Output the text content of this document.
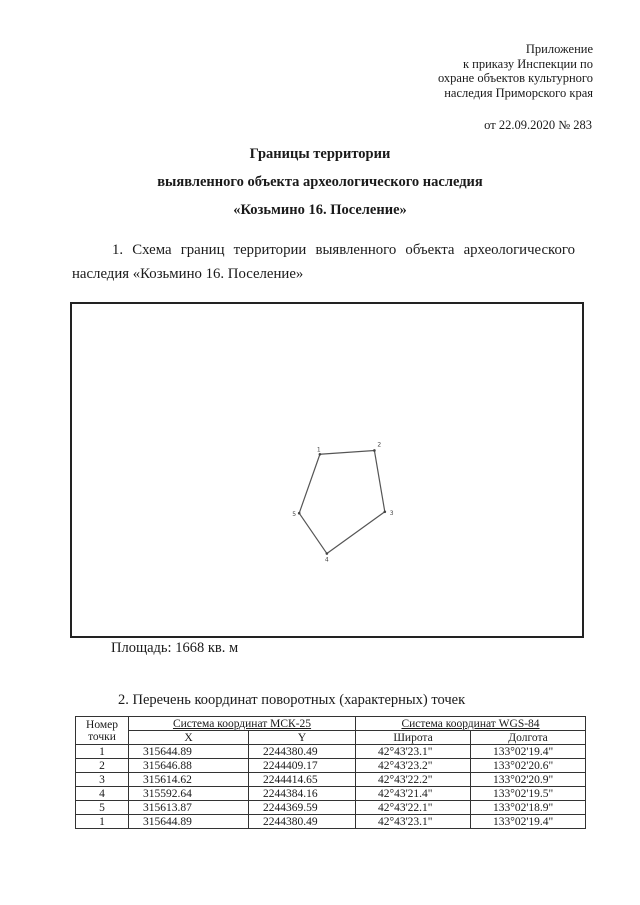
Приложение
к приказу Инспекции по
охране объектов культурного
наследия Приморского края
от 22.09.2020 № 283
Границы территории
выявленного объекта археологического наследия
«Козьмино 16. Поселение»
1. Схема границ территории выявленного объекта археологического наследия «Козьмино 16. Поселение»
1
2
3
4
5
Площадь: 1668 кв. м
2. Перечень координат поворотных (характерных) точек
Номер
точки	Система координат МСК-25		Система координат WGS-84	
	X	Y	Широта	Долгота
1	315644.89	2244380.49	42°43'23.1"	133°02'19.4"
2	315646.88	2244409.17	42°43'23.2"	133°02'20.6"
3	315614.62	2244414.65	42°43'22.2"	133°02'20.9"
4	315592.64	2244384.16	42°43'21.4"	133°02'19.5"
5	315613.87	2244369.59	42°43'22.1"	133°02'18.9"
1	315644.89	2244380.49	42°43'23.1"	133°02'19.4"
